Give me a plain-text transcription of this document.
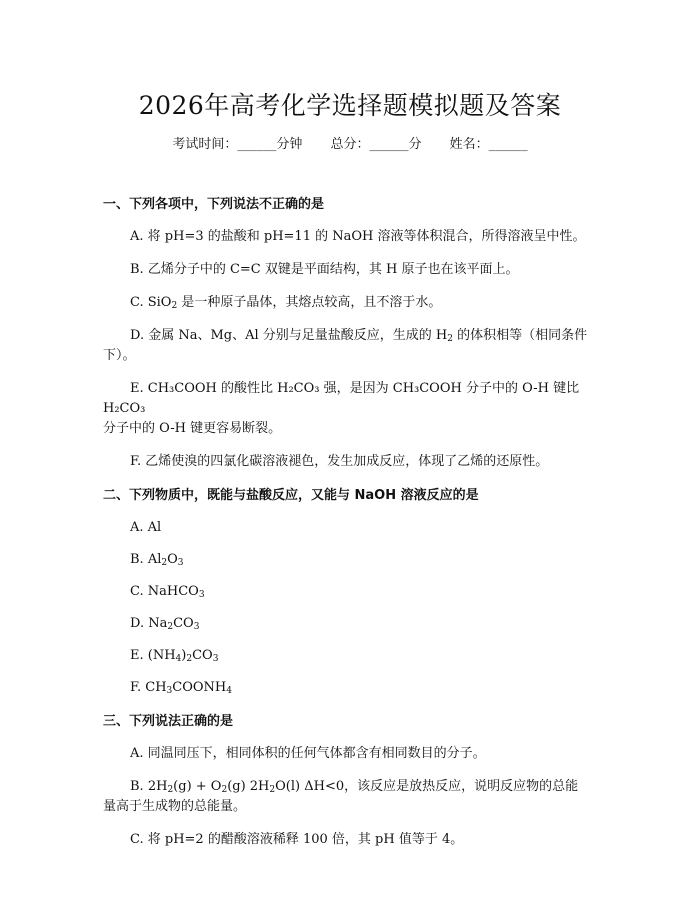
2026年高考化学选择题模拟题及答案
考试时间：______分钟 总分：______分 姓名：______
一、下列各项中，下列说法不正确的是

A. 将 pH=3 的盐酸和 pH=11 的 NaOH 溶液等体积混合，所得溶液呈中性。

B. 乙烯分子中的 C=C 双键是平面结构，其 H 原子也在该平面上。

C. SiO$_2$ 是一种原子晶体，其熔点较高，且不溶于水。

D. 金属 Na、Mg、Al 分别与足量盐酸反应，生成的 $H_2$ 的体积相等（相同条件下）。

E. CH₃COOH 的酸性比 H₂CO₃ 强，是因为 CH₃COOH 分子中的 O-H 键比 H₂CO₃
分子中的 O-H 键更容易断裂。

F. 乙烯使溴的四氯化碳溶液褪色，发生加成反应，体现了乙烯的还原性。

二、下列物质中，既能与盐酸反应，又能与 NaOH 溶液反应的是

A. Al

B. $Al_2O_3$

C. NaHCO$_3$

D. $Na_2CO_3$

E. $(NH_4)_2CO_3$

F. $CH_3COONH_4$

三、下列说法正确的是

A. 同温同压下，相同体积的任何气体都含有相同数目的分子。

B. $2H_2(g) + O_2(g)$ $2H_2O(l)$ ΔH<0，该反应是放热反应，说明反应物的总能
量高于生成物的总能量。

C. 将 pH=2 的醋酸溶液稀释 100 倍，其 pH 值等于 4。
